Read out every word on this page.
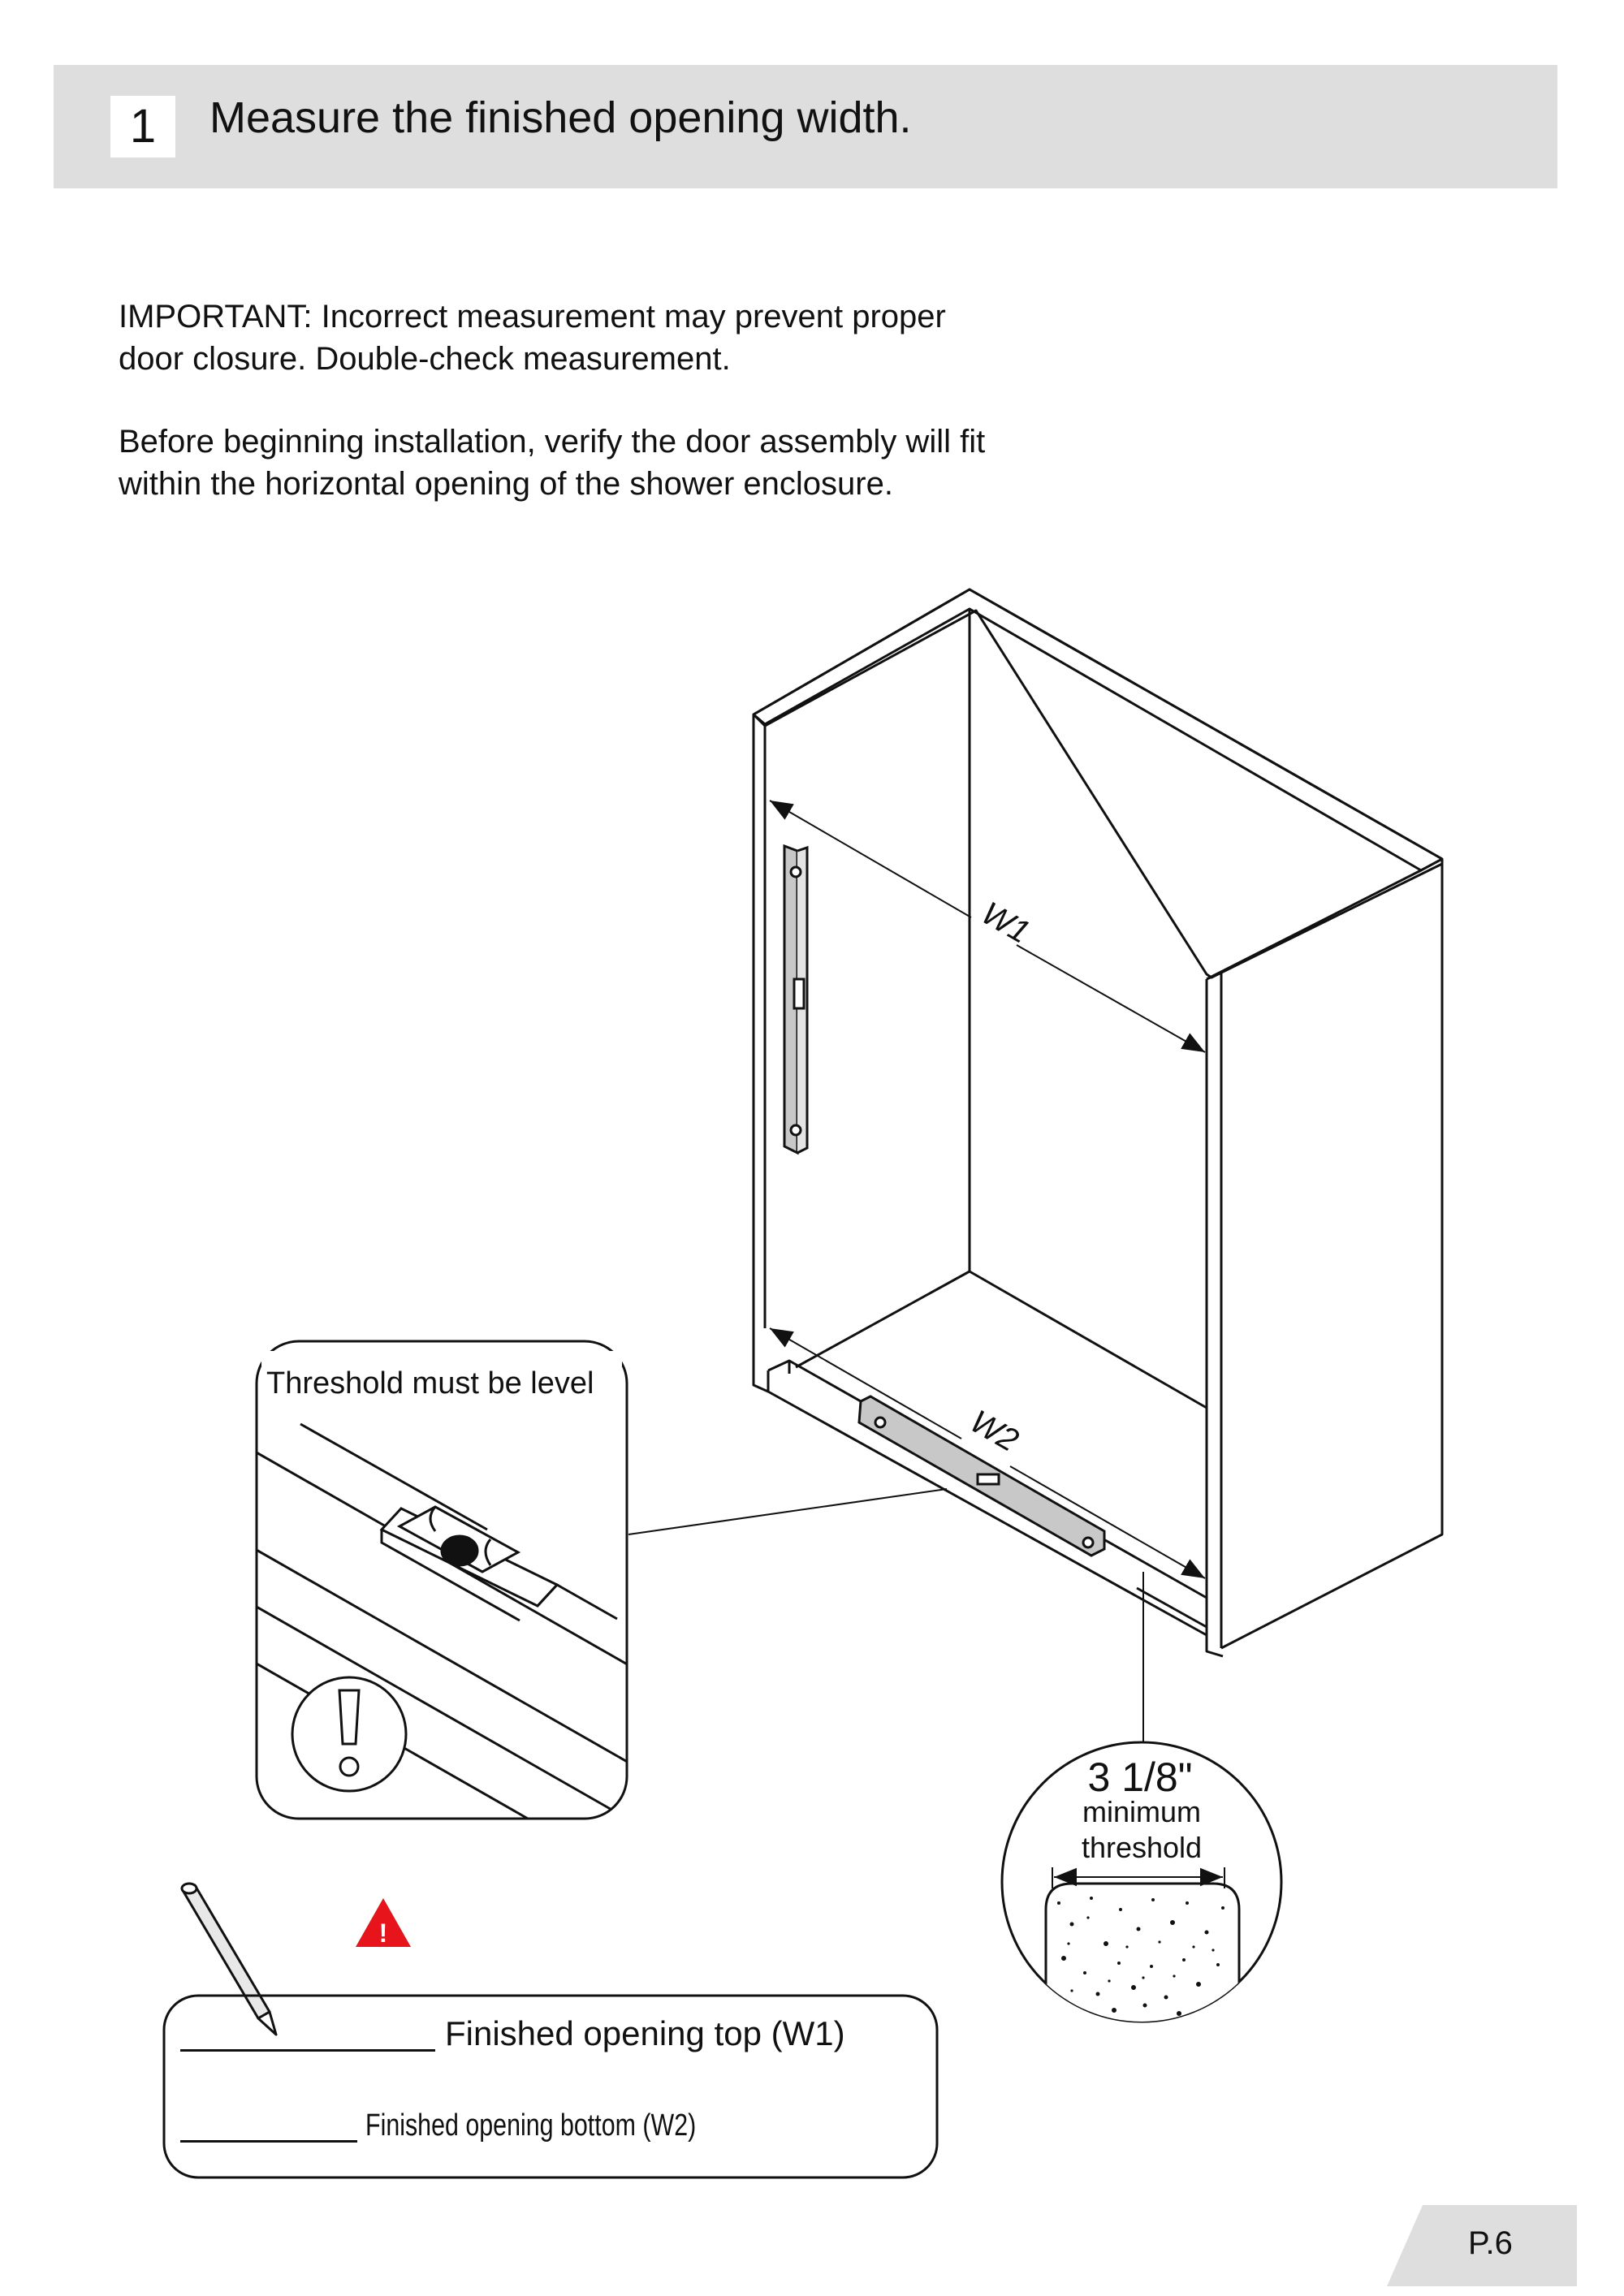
1	Measure the finished opening width.

IMPORTANT: Incorrect measurement may prevent proper

door closure. Double-check measurement.

Before beginning installation, verify the door assembly will fit

within the horizontal opening of the shower enclosure.

W1
W2
Threshold must be level
3 1/8"
minimum
threshold
!
Finished opening top (W1)
Finished opening bottom (W2)
P.6
